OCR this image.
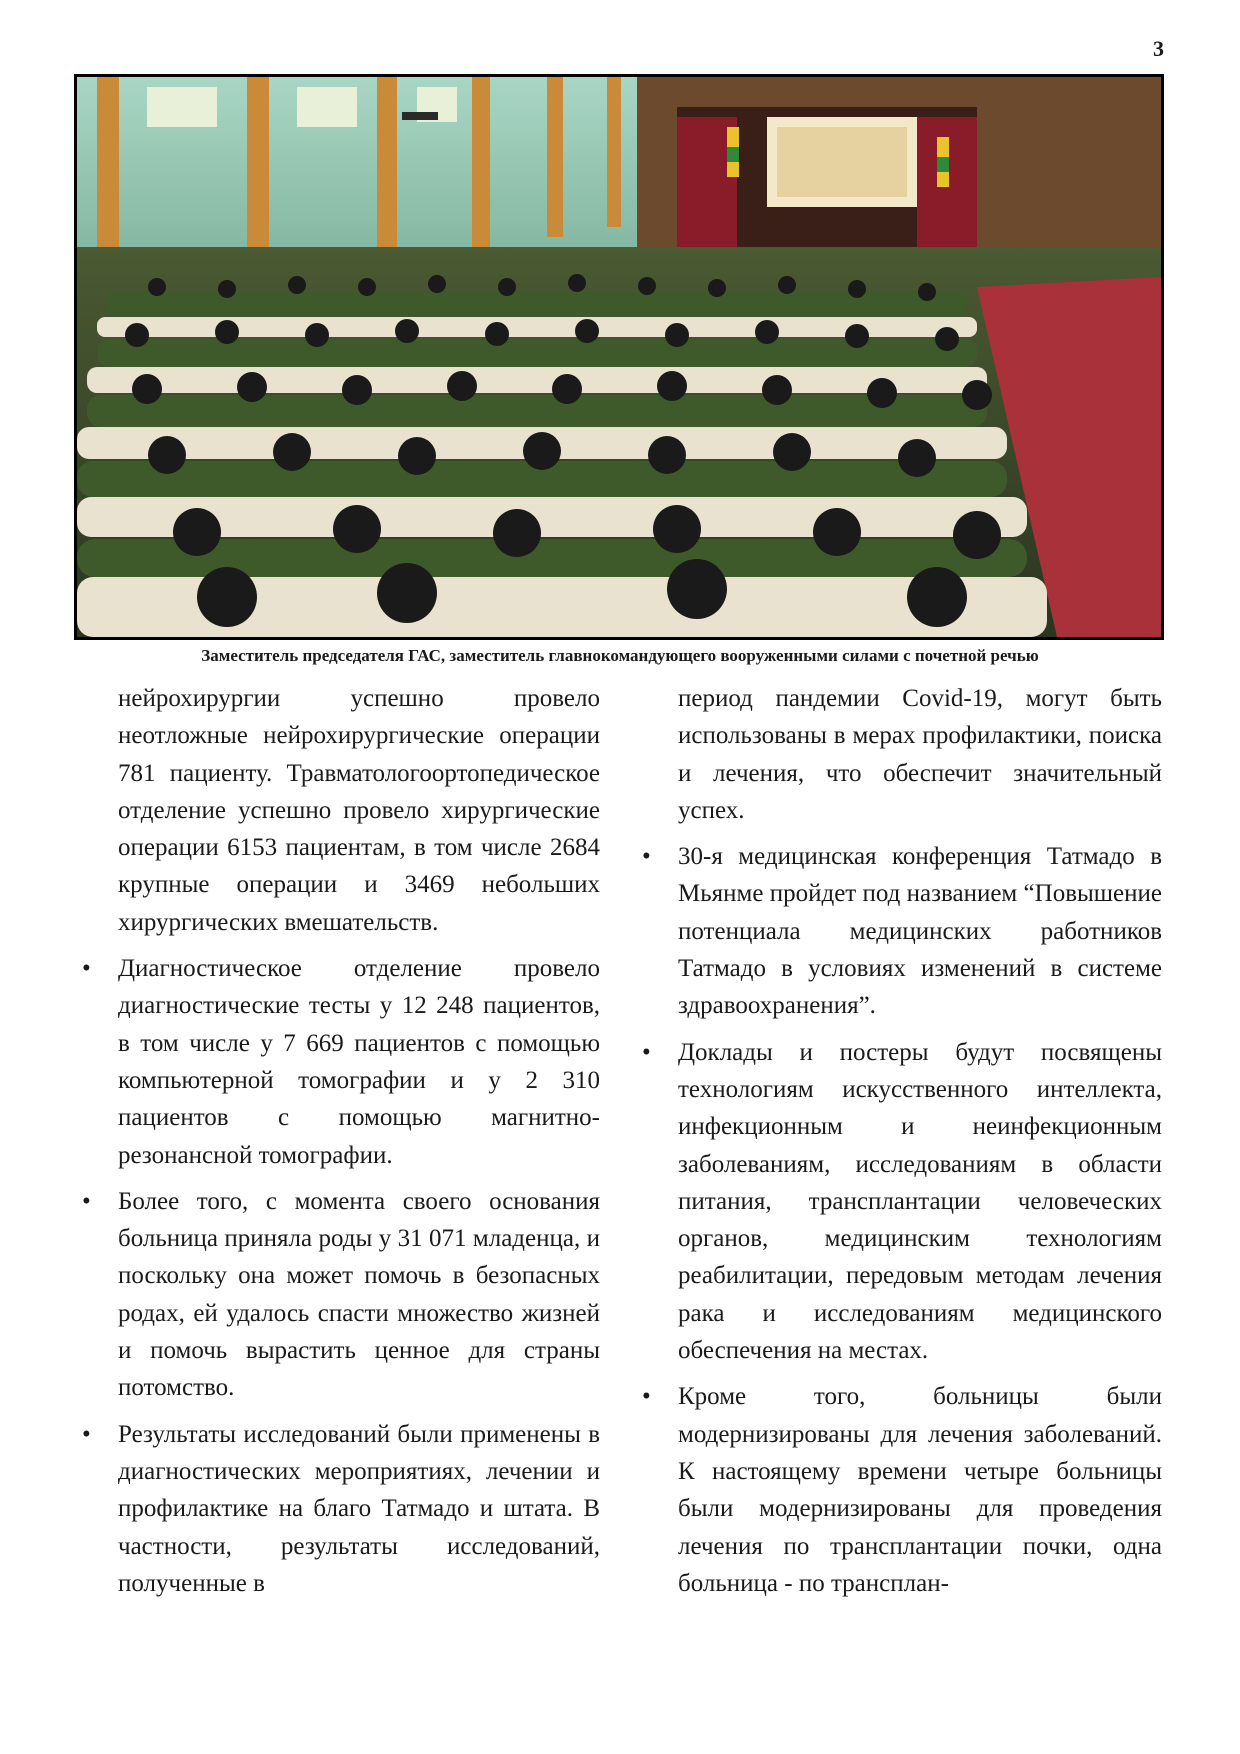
3
Заместитель председателя ГАС, заместитель главнокомандующего вооруженными силами с почетной речью

нейрохирургии успешно провело неотложные нейрохирургические операции 781 пациенту. Травматологоортопедическое отделение успешно провело хирургические операции 6153 пациентам, в том числе 2684 крупные операции и 3469 небольших хирургических вмешательств.

• Диагностическое отделение провело диагностические тесты у 12 248 пациентов, в том числе у 7 669 пациентов с помощью компьютерной томографии и у 2 310 пациентов с помощью магнитно-резонансной томографии.

• Более того, с момента своего основания больница приняла роды у 31 071 младенца, и поскольку она может помочь в безопасных родах, ей удалось спасти множество жизней и помочь вырастить ценное для страны потомство.

• Результаты исследований были применены в диагностических мероприятиях, лечении и профилактике на благо Татмадо и штата. В частности, результаты исследований, полученные в

период пандемии Covid-19, могут быть использованы в мерах профилактики, поиска и лечения, что обеспечит значительный успех.

• 30-я медицинская конференция Татмадо в Мьянме пройдет под названием “Повышение потенциала медицинских работников Татмадо в условиях изменений в системе здравоохранения”.

• Доклады и постеры будут посвящены технологиям искусственного интеллекта, инфекционным и неинфекционным заболеваниям, исследованиям в области питания, трансплантации человеческих органов, медицинским технологиям реабилитации, передовым методам лечения рака и исследованиям медицинского обеспечения на местах.

• Кроме того, больницы были модернизированы для лечения заболеваний. К настоящему времени четыре больницы были модернизированы для проведения лечения по трансплантации почки, одна больница - по трансплан-
